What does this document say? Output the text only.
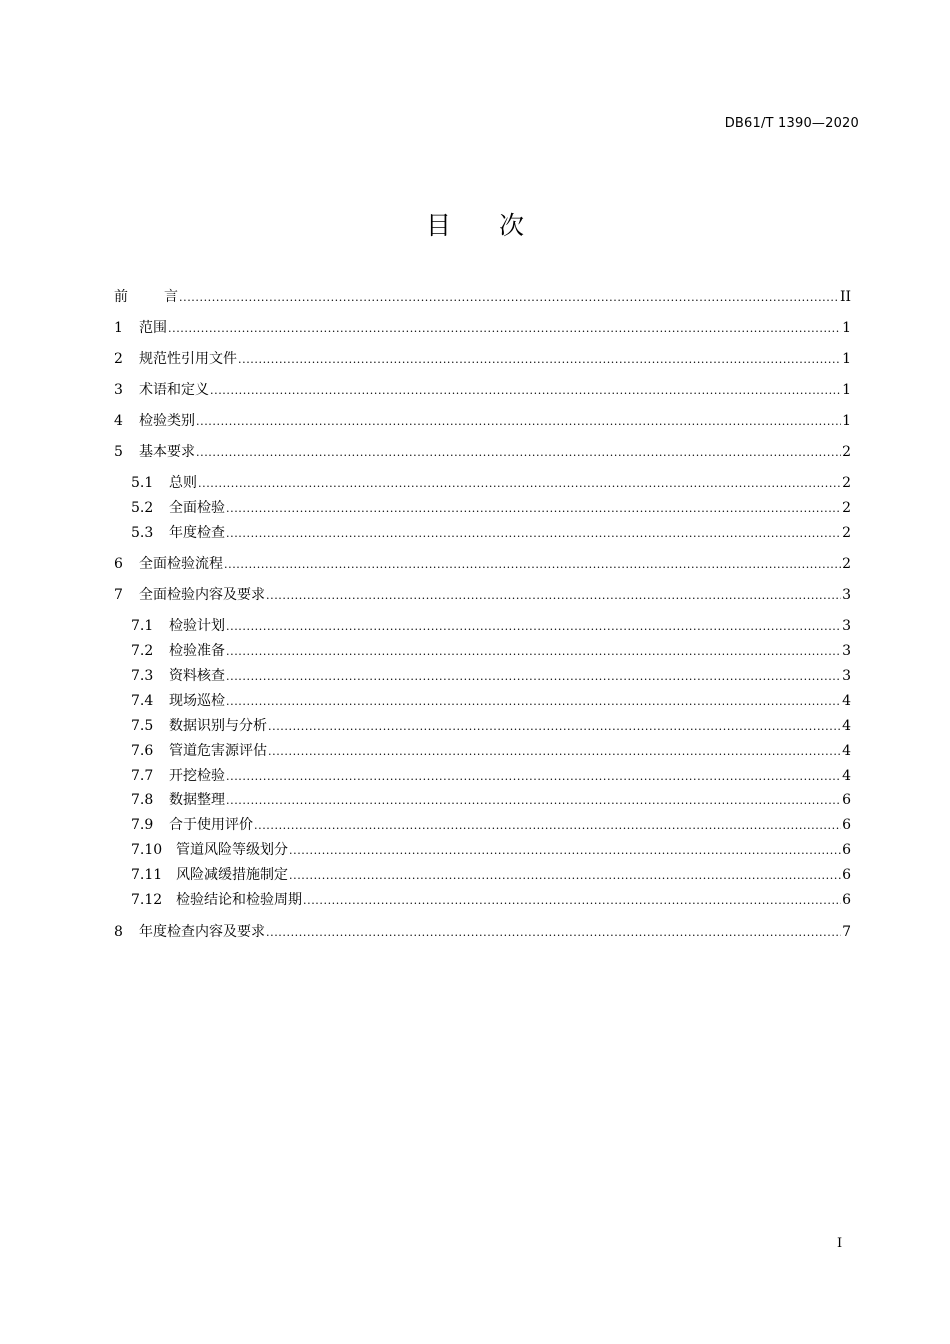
DB61/T 1390—2020
目 次
前	言 .....	II
1	范围 .....	1
2	规范性引用文件 .....	1
3	术语和定义 .....	1
4	检验类别 .....	1
5	基本要求 .....	2
5.1	总则 .....	2
5.2	全面检验 .....	2
5.3	年度检查 .....	2
6	全面检验流程 .....	2
7	全面检验内容及要求 .....	3
7.1	检验计划 .....	3
7.2	检验准备 .....	3
7.3	资料核查 .....	3
7.4	现场巡检 .....	4
7.5	数据识别与分析 .....	4
7.6	管道危害源评估 .....	4
7.7	开挖检验 .....	4
7.8	数据整理 .....	6
7.9	合于使用评价 .....	6
7.10 管道风险等级划分 .....	6
7.11 风险减缓措施制定 .....	6
7.12 检验结论和检验周期 .....	6
8	年度检查内容及要求 .....	7
I
